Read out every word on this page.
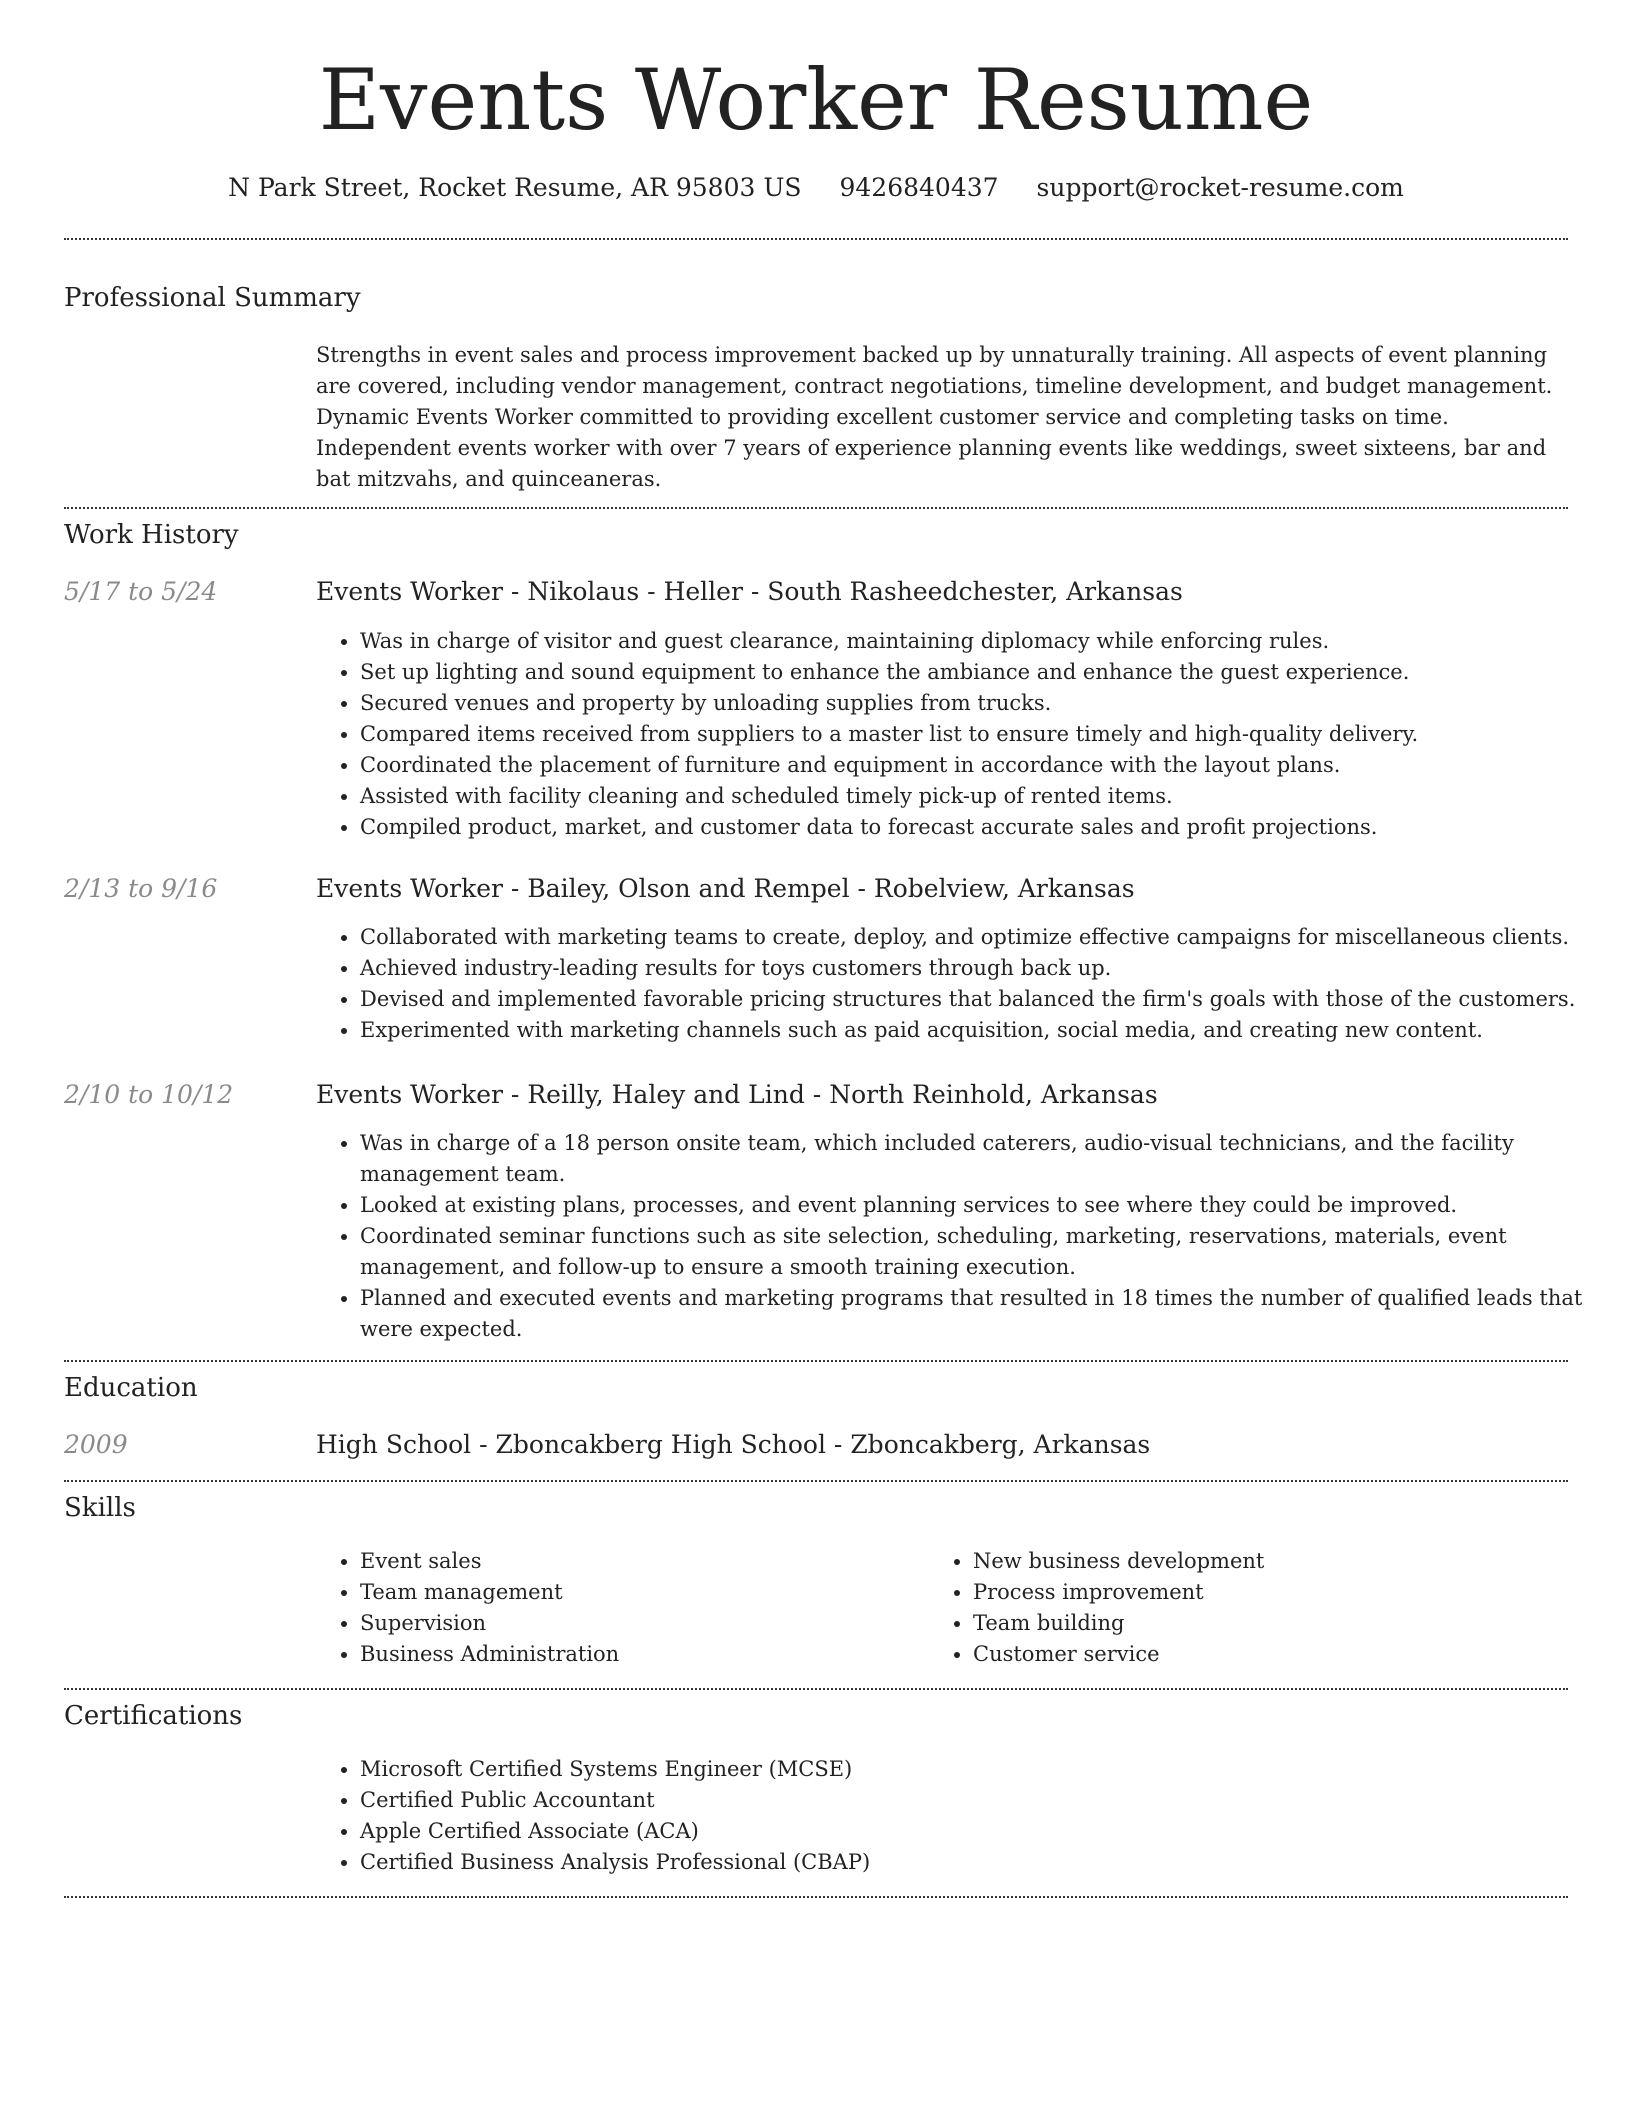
Events Worker Resume
N Park Street, Rocket Resume, AR 95803 US 9426840437 support@rocket-resume.com
Professional Summary

Strengths in event sales and process improvement backed up by unnaturally training. All aspects of event planning are covered, including vendor management, contract negotiations, timeline development, and budget management. Dynamic Events Worker committed to providing excellent customer service and completing tasks on time. Independent events worker with over 7 years of experience planning events like weddings, sweet sixteens, bar and bat mitzvahs, and quinceaneras.

Work History
5/17 to 5/24	Events Worker - Nikolaus - Heller - South Rasheedchester, Arkansas
• Was in charge of visitor and guest clearance, maintaining diplomacy while enforcing rules.
• Set up lighting and sound equipment to enhance the ambiance and enhance the guest experience.
• Secured venues and property by unloading supplies from trucks.
• Compared items received from suppliers to a master list to ensure timely and high-quality delivery.
• Coordinated the placement of furniture and equipment in accordance with the layout plans.
• Assisted with facility cleaning and scheduled timely pick-up of rented items.
• Compiled product, market, and customer data to forecast accurate sales and profit projections.
2/13 to 9/16	Events Worker - Bailey, Olson and Rempel - Robelview, Arkansas
• Collaborated with marketing teams to create, deploy, and optimize effective campaigns for miscellaneous clients.
• Achieved industry-leading results for toys customers through back up.
• Devised and implemented favorable pricing structures that balanced the firm's goals with those of the customers.
• Experimented with marketing channels such as paid acquisition, social media, and creating new content.
2/10 to 10/12	Events Worker - Reilly, Haley and Lind - North Reinhold, Arkansas
• Was in charge of a 18 person onsite team, which included caterers, audio-visual technicians, and the facility management team.
• Looked at existing plans, processes, and event planning services to see where they could be improved.
• Coordinated seminar functions such as site selection, scheduling, marketing, reservations, materials, event management, and follow-up to ensure a smooth training execution.
• Planned and executed events and marketing programs that resulted in 18 times the number of qualified leads that were expected.
Education
2009	High School - Zboncakberg High School - Zboncakberg, Arkansas
Skills
• Event sales
• Team management
• Supervision
• Business Administration
• New business development
• Process improvement
• Team building
• Customer service
Certifications
• Microsoft Certified Systems Engineer (MCSE)
• Certified Public Accountant
• Apple Certified Associate (ACA)
• Certified Business Analysis Professional (CBAP)
